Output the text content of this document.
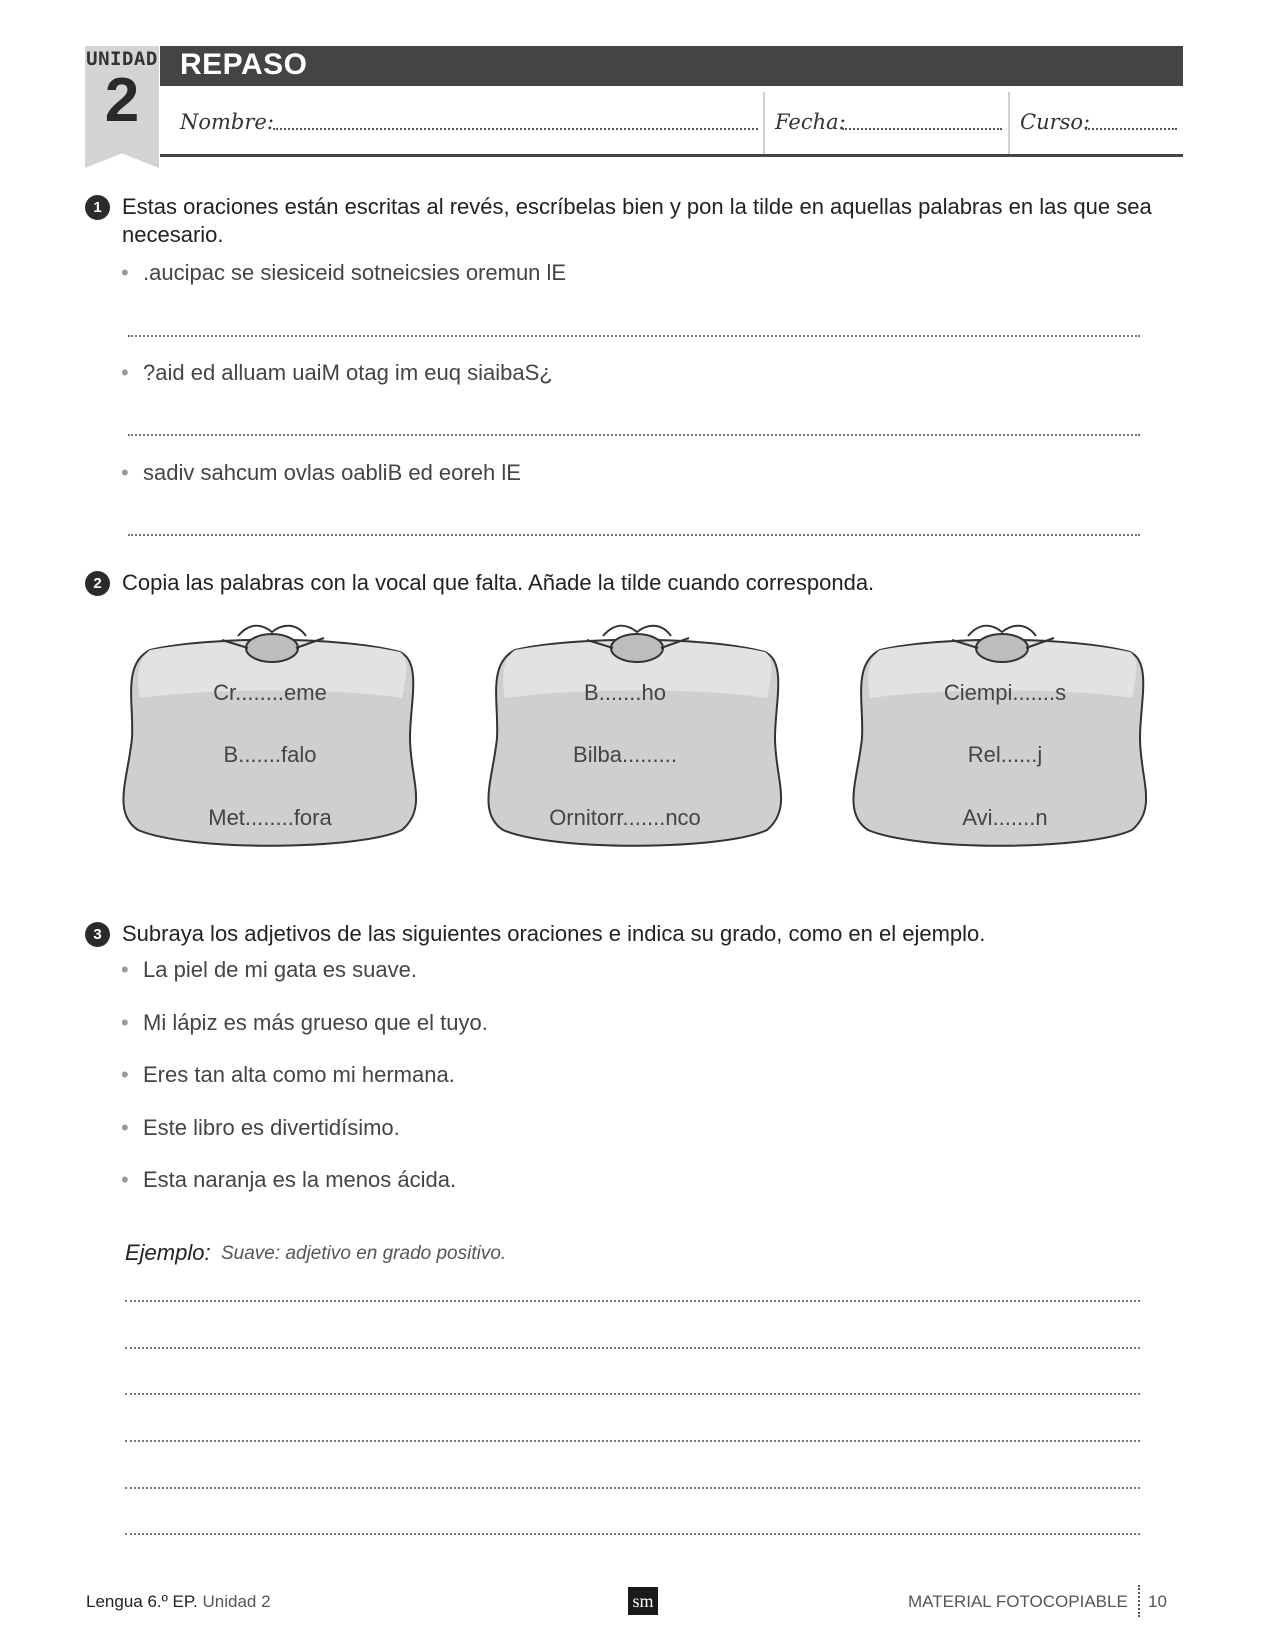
UNIDAD
2
REPASO
Nombre:	Fecha:	Curso:
1 Estas oraciones están escritas al revés, escríbelas bien y pon la tilde en aquellas palabras en las que sea
necesario.
• .aucipac se siesiceid sotneicsies oremun lE
• ?aid ed alluam uaiM otag im euq siaibaS¿
• sadiv sahcum ovlas oabliB ed eoreh lE
2 Copia las palabras con la vocal que falta. Añade la tilde cuando corresponda.
Cr........eme
B.......falo
Met........fora
B.......ho
Bilba.........
Ornitorr.......nco
Ciempi.......s
Rel......j
Avi.......n
3 Subraya los adjetivos de las siguientes oraciones e indica su grado, como en el ejemplo.
• La piel de mi gata es suave.
• Mi lápiz es más grueso que el tuyo.
• Eres tan alta como mi hermana.
• Este libro es divertidísimo.
• Esta naranja es la menos ácida.
Ejemplo: Suave: adjetivo en grado positivo.
Lengua 6.º EP. Unidad 2	sm	MATERIAL FOTOCOPIABLE 10
